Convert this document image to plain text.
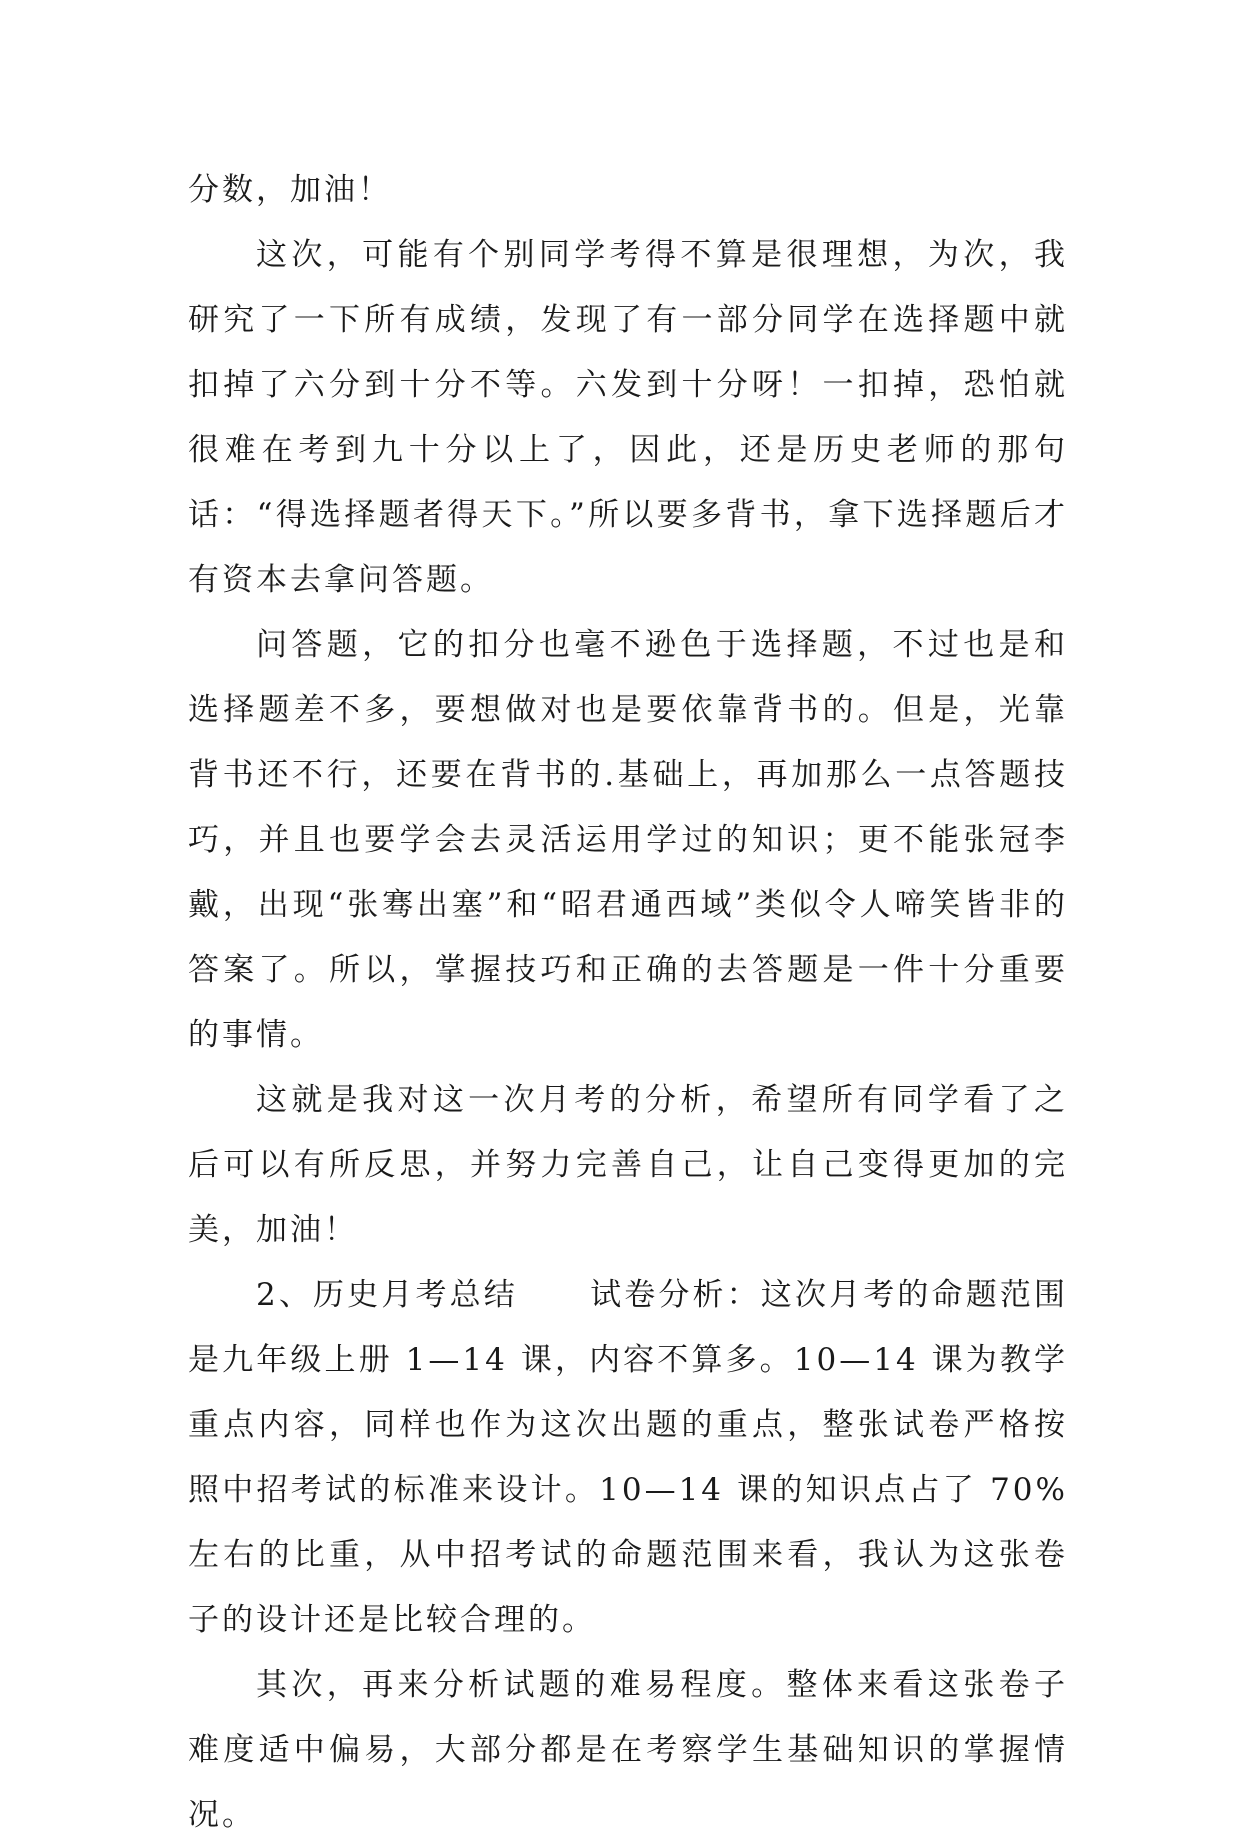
分数，加油！

这次，可能有个别同学考得不算是很理想，为次，我研究了一下所有成绩，发现了有一部分同学在选择题中就扣掉了六分到十分不等。六发到十分呀！一扣掉，恐怕就很难在考到九十分以上了，因此，还是历史老师的那句话：“得选择题者得天下。”所以要多背书，拿下选择题后才有资本去拿问答题。

问答题，它的扣分也毫不逊色于选择题，不过也是和选择题差不多，要想做对也是要依靠背书的。但是，光靠背书还不行，还要在背书的.基础上，再加那么一点答题技巧，并且也要学会去灵活运用学过的知识；更不能张冠李戴，出现“张骞出塞”和“昭君通西域”类似令人啼笑皆非的答案了。所以，掌握技巧和正确的去答题是一件十分重要的事情。

这就是我对这一次月考的分析，希望所有同学看了之后可以有所反思，并努力完善自己，让自己变得更加的完美，加油！

2、历史月考总结 试卷分析：这次月考的命题范围是九年级上册 1—14 课，内容不算多。10—14 课为教学重点内容，同样也作为这次出题的重点，整张试卷严格按照中招考试的标准来设计。10—14 课的知识点占了 70%左右的比重，从中招考试的命题范围来看，我认为这张卷子的设计还是比较合理的。

其次，再来分析试题的难易程度。整体来看这张卷子难度适中偏易，大部分都是在考察学生基础知识的掌握情况。
